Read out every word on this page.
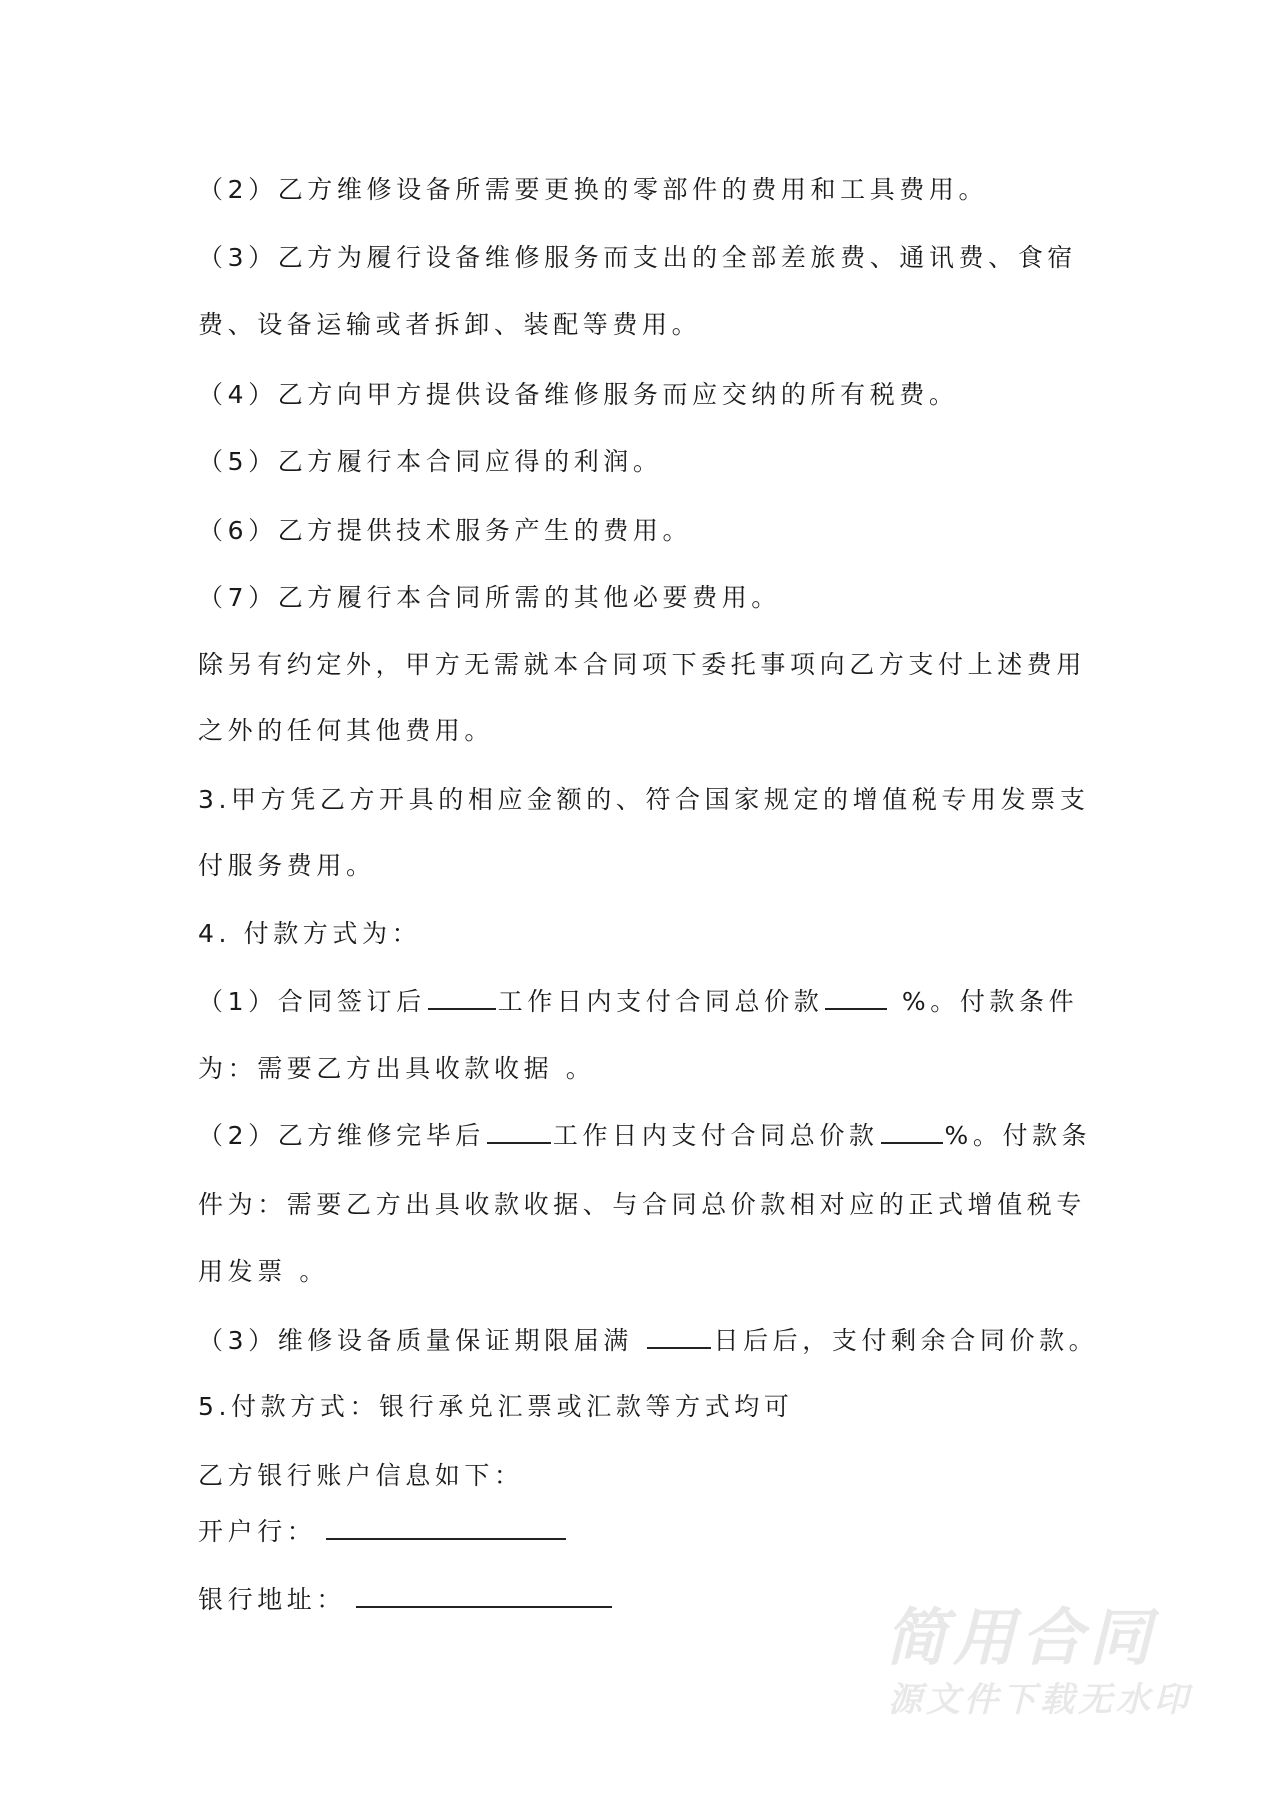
（2）乙方维修设备所需要更换的零部件的费用和工具费用。
（3）乙方为履行设备维修服务而支出的全部差旅费、通讯费、食宿
费、设备运输或者拆卸、装配等费用。
（4）乙方向甲方提供设备维修服务而应交纳的所有税费。
（5）乙方履行本合同应得的利润。
（6）乙方提供技术服务产生的费用。
（7）乙方履行本合同所需的其他必要费用。
除另有约定外，甲方无需就本合同项下委托事项向乙方支付上述费用
之外的任何其他费用。
3.甲方凭乙方开具的相应金额的、符合国家规定的增值税专用发票支
付服务费用。
4. 付款方式为：
（1）合同签订后	工作日内支付合同总价款	%。付款条件
为：需要乙方出具收款收据 。
（2）乙方维修完毕后	工作日内支付合同总价款	%。付款条
件为：需要乙方出具收款收据、与合同总价款相对应的正式增值税专
用发票 。
（3）维修设备质量保证期限届满	日后后，支付剩余合同价款。
5.付款方式：银行承兑汇票或汇款等方式均可
乙方银行账户信息如下：
开户行：
银行地址：
简用合同
源文件下载无水印
